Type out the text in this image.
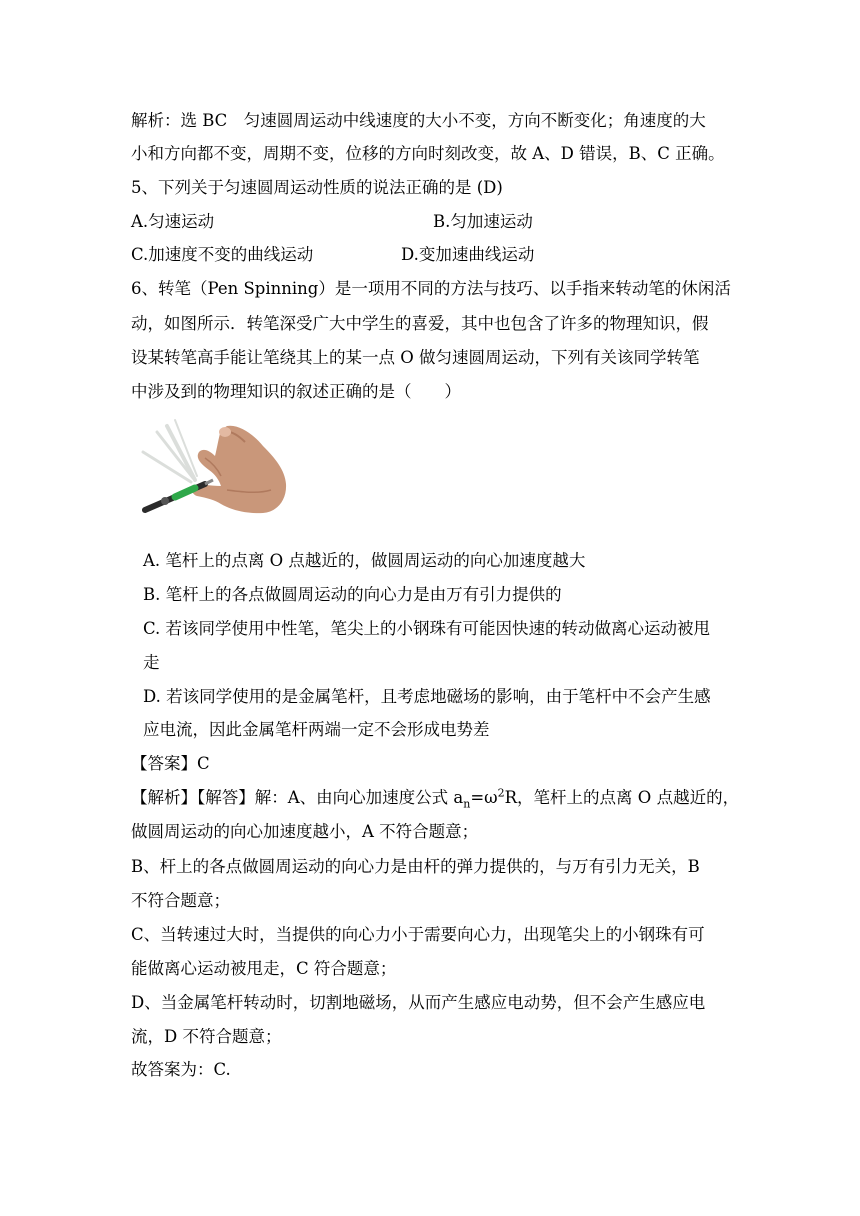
解析：选 BC　匀速圆周运动中线速度的大小不变，方向不断变化；角速度的大
小和方向都不变，周期不变，位移的方向时刻改变，故 A、D 错误，B、C 正确。
5、下列关于匀速圆周运动性质的说法正确的是 (D)
A.匀速运动	B.匀加速运动
C.加速度不变的曲线运动	D.变加速曲线运动
6、转笔（Pen Spinning）是一项用不同的方法与技巧、以手指来转动笔的休闲活
动，如图所示．转笔深受广大中学生的喜爱，其中也包含了许多的物理知识，假
设某转笔高手能让笔绕其上的某一点 O 做匀速圆周运动，下列有关该同学转笔
中涉及到的物理知识的叙述正确的是（　　）
A. 笔杆上的点离 O 点越近的，做圆周运动的向心加速度越大
B. 笔杆上的各点做圆周运动的向心力是由万有引力提供的
C. 若该同学使用中性笔，笔尖上的小钢珠有可能因快速的转动做离心运动被甩
走
D. 若该同学使用的是金属笔杆，且考虑地磁场的影响，由于笔杆中不会产生感
应电流，因此金属笔杆两端一定不会形成电势差
【答案】C
【解析】【解答】解：A、由向心加速度公式 $a_n=\omega^2R$，笔杆上的点离 O 点越近的，
做圆周运动的向心加速度越小，A 不符合题意；
B、杆上的各点做圆周运动的向心力是由杆的弹力提供的，与万有引力无关，B
不符合题意；
C、当转速过大时，当提供的向心力小于需要向心力，出现笔尖上的小钢珠有可
能做离心运动被甩走，C 符合题意；
D、当金属笔杆转动时，切割地磁场，从而产生感应电动势，但不会产生感应电
流，D 不符合题意；
故答案为：C.
